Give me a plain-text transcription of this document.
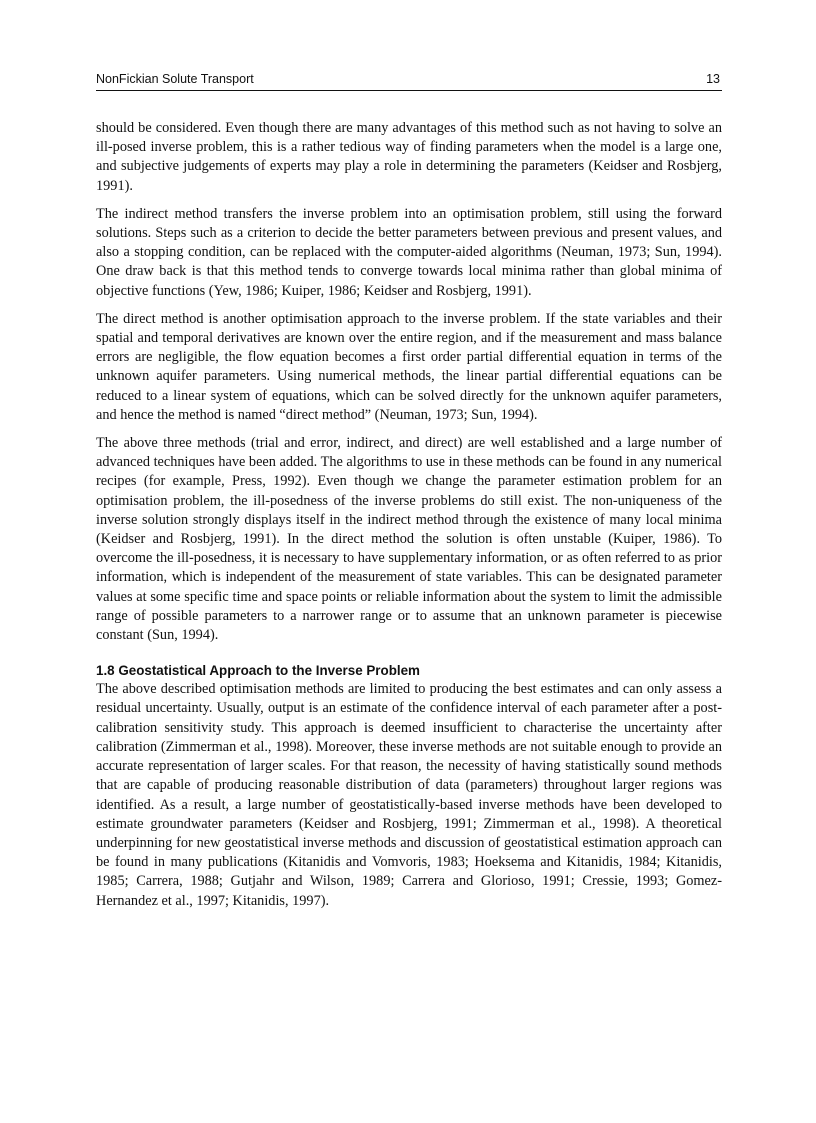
NonFickian Solute Transport	13

should be considered. Even though there are many advantages of this method such as not having to solve an ill-posed inverse problem, this is a rather tedious way of finding parameters when the model is a large one, and subjective judgements of experts may play a role in determining the parameters (Keidser and Rosbjerg, 1991).

The indirect method transfers the inverse problem into an optimisation problem, still using the forward solutions. Steps such as a criterion to decide the better parameters between previous and present values, and also a stopping condition, can be replaced with the computer-aided algorithms (Neuman, 1973; Sun, 1994). One draw back is that this method tends to converge towards local minima rather than global minima of objective functions (Yew, 1986; Kuiper, 1986; Keidser and Rosbjerg, 1991).

The direct method is another optimisation approach to the inverse problem. If the state variables and their spatial and temporal derivatives are known over the entire region, and if the measurement and mass balance errors are negligible, the flow equation becomes a first order partial differential equation in terms of the unknown aquifer parameters. Using numerical methods, the linear partial differential equations can be reduced to a linear system of equations, which can be solved directly for the unknown aquifer parameters, and hence the method is named “direct method” (Neuman, 1973; Sun, 1994).

The above three methods (trial and error, indirect, and direct) are well established and a large number of advanced techniques have been added. The algorithms to use in these methods can be found in any numerical recipes (for example, Press, 1992). Even though we change the parameter estimation problem for an optimisation problem, the ill-posedness of the inverse problems do still exist. The non-uniqueness of the inverse solution strongly displays itself in the indirect method through the existence of many local minima (Keidser and Rosbjerg, 1991). In the direct method the solution is often unstable (Kuiper, 1986). To overcome the ill-posedness, it is necessary to have supplementary information, or as often referred to as prior information, which is independent of the measurement of state variables. This can be designated parameter values at some specific time and space points or reliable information about the system to limit the admissible range of possible parameters to a narrower range or to assume that an unknown parameter is piecewise constant (Sun, 1994).

1.8 Geostatistical Approach to the Inverse Problem

The above described optimisation methods are limited to producing the best estimates and can only assess a residual uncertainty. Usually, output is an estimate of the confidence interval of each parameter after a post-calibration sensitivity study. This approach is deemed insufficient to characterise the uncertainty after calibration (Zimmerman et al., 1998). Moreover, these inverse methods are not suitable enough to provide an accurate representation of larger scales. For that reason, the necessity of having statistically sound methods that are capable of producing reasonable distribution of data (parameters) throughout larger regions was identified. As a result, a large number of geostatistically-based inverse methods have been developed to estimate groundwater parameters (Keidser and Rosbjerg, 1991; Zimmerman et al., 1998). A theoretical underpinning for new geostatistical inverse methods and discussion of geostatistical estimation approach can be found in many publications (Kitanidis and Vomvoris, 1983; Hoeksema and Kitanidis, 1984; Kitanidis, 1985; Carrera, 1988; Gutjahr and Wilson, 1989; Carrera and Glorioso, 1991; Cressie, 1993; Gomez-Hernandez et al., 1997; Kitanidis, 1997).
